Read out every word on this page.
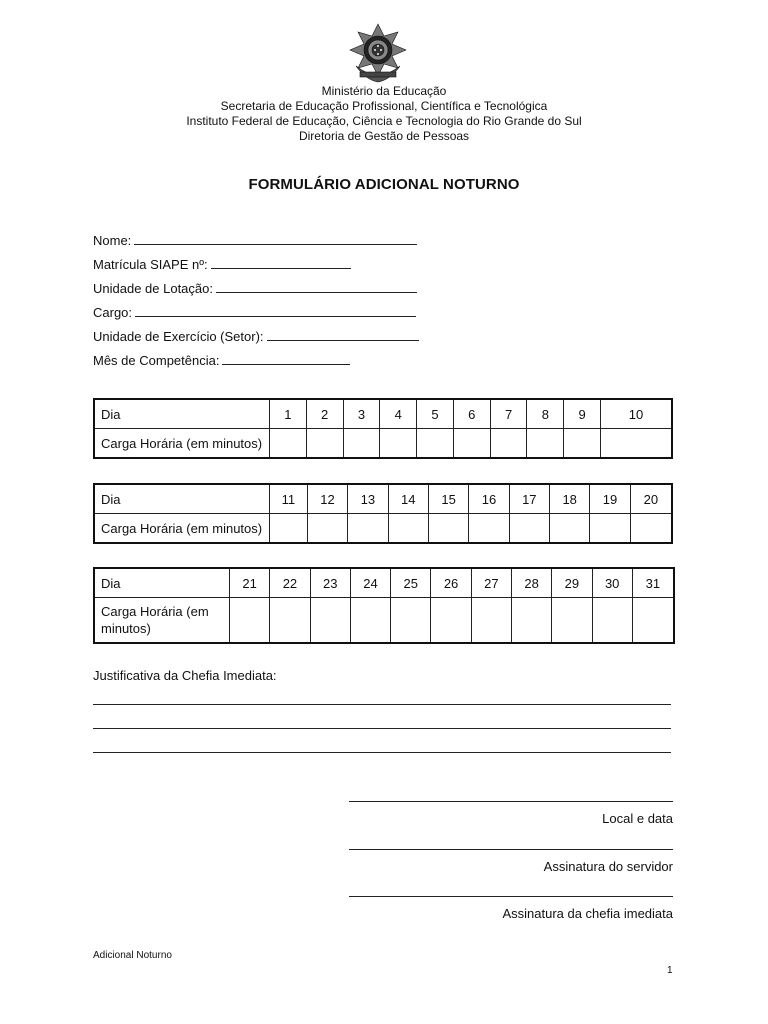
Ministério da Educação
Secretaria de Educação Profissional, Científica e Tecnológica
Instituto Federal de Educação, Ciência e Tecnologia do Rio Grande do Sul
Diretoria de Gestão de Pessoas
FORMULÁRIO ADICIONAL NOTURNO
Nome:
Matrícula SIAPE nº:
Unidade de Lotação:
Cargo:
Unidade de Exercício (Setor):
Mês de Competência:
Dia	1	2	3	4	5	6	7	8	9	10
Carga Horária (em minutos)										
Dia	11	12	13	14	15	16	17	18	19	20
Carga Horária (em minutos)										
Dia	21	22	23	24	25	26	27	28	29	30	31
Carga Horária (em
minutos)											
Justificativa da Chefia Imediata:
Local e data
Assinatura do servidor
Assinatura da chefia imediata
Adicional Noturno
1
